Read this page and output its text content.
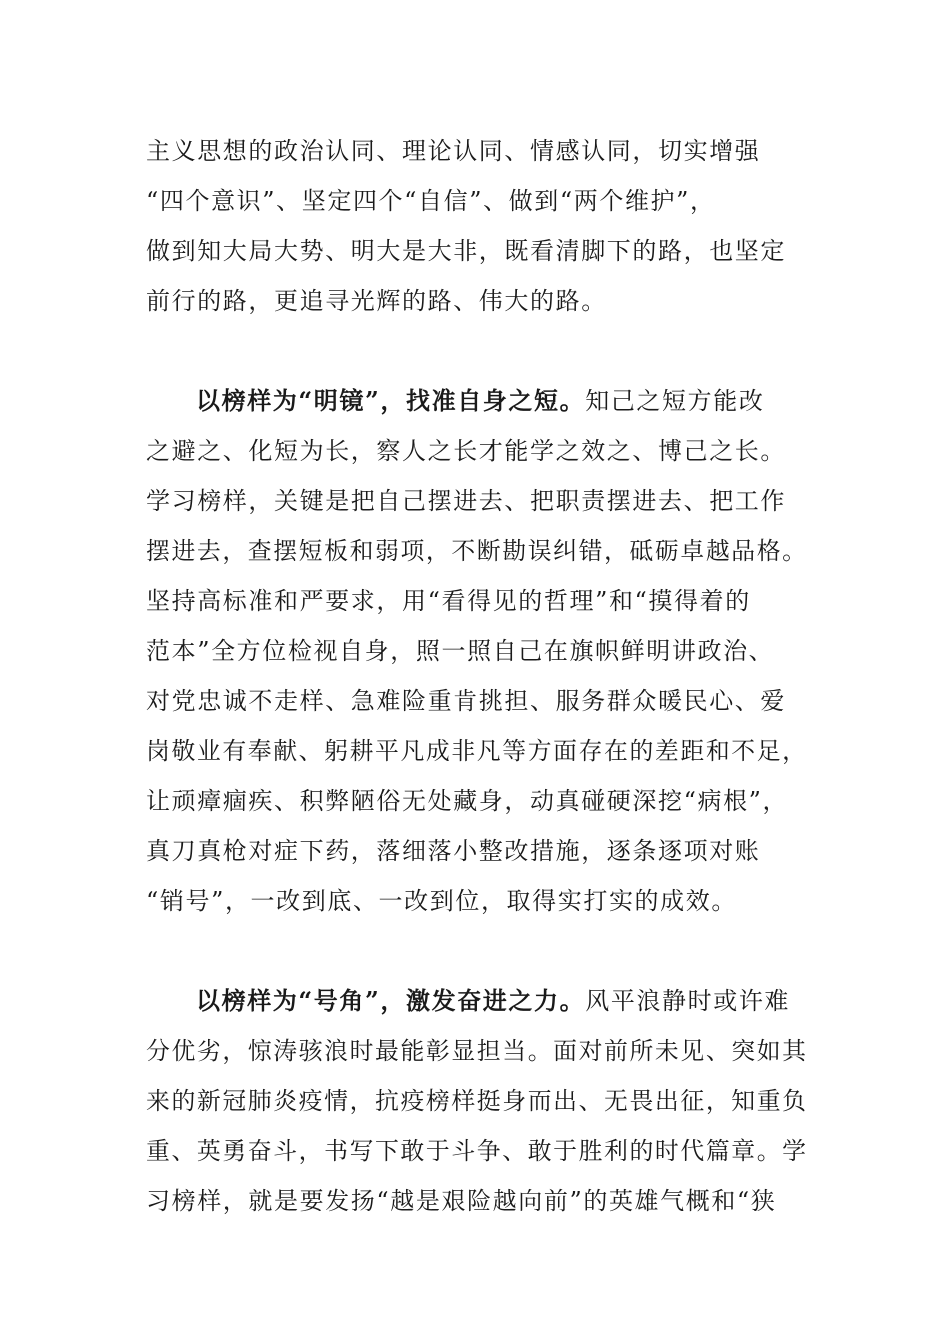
主义思想的政治认同、理论认同、情感认同，切实增强
“四个意识”、坚定四个“自信”、做到“两个维护”，
做到知大局大势、明大是大非，既看清脚下的路，也坚定
前行的路，更追寻光辉的路、伟大的路。
以榜样为“明镜”，找准自身之短。知己之短方能改
之避之、化短为长，察人之长才能学之效之、博己之长。
学习榜样，关键是把自己摆进去、把职责摆进去、把工作
摆进去，查摆短板和弱项，不断勘误纠错，砥砺卓越品格。
坚持高标准和严要求，用“看得见的哲理”和“摸得着的
范本”全方位检视自身，照一照自己在旗帜鲜明讲政治、
对党忠诚不走样、急难险重肯挑担、服务群众暖民心、爱
岗敬业有奉献、躬耕平凡成非凡等方面存在的差距和不足，
让顽瘴痼疾、积弊陋俗无处藏身，动真碰硬深挖“病根”，
真刀真枪对症下药，落细落小整改措施，逐条逐项对账
“销号”，一改到底、一改到位，取得实打实的成效。
以榜样为“号角”，激发奋进之力。风平浪静时或许难
分优劣，惊涛骇浪时最能彰显担当。面对前所未见、突如其
来的新冠肺炎疫情，抗疫榜样挺身而出、无畏出征，知重负
重、英勇奋斗，书写下敢于斗争、敢于胜利的时代篇章。学
习榜样，就是要发扬“越是艰险越向前”的英雄气概和“狭
